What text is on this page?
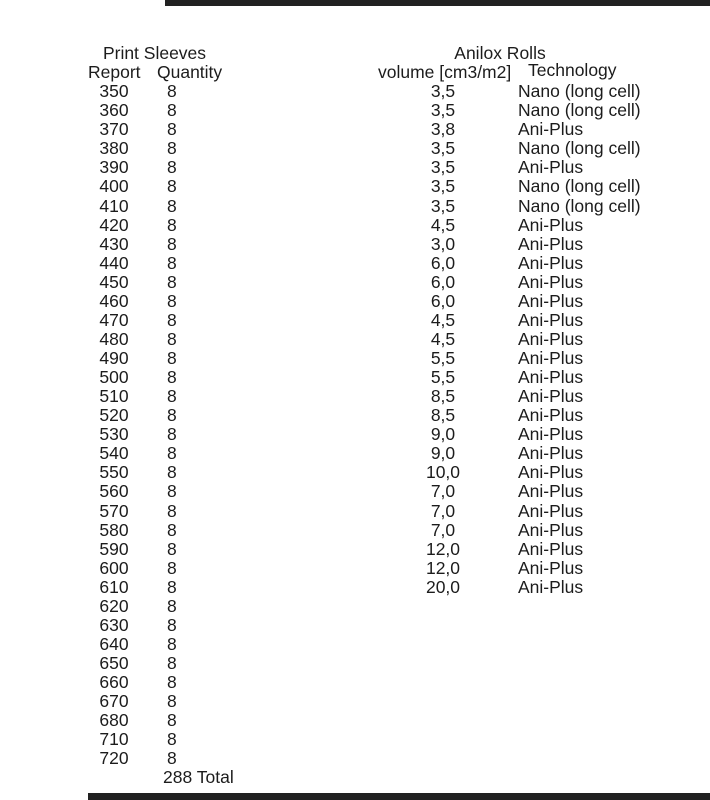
Print Sleeves
Report Quantity
350	8
360	8
370	8
380	8
390	8
400	8
410	8
420	8
430	8
440	8
450	8
460	8
470	8
480	8
490	8
500	8
510	8
520	8
530	8
540	8
550	8
560	8
570	8
580	8
590	8
600	8
610	8
620	8
630	8
640	8
650	8
660	8
670	8
680	8
710	8
720	8
288 Total
Anilox Rolls
volume [cm3/m2] Technology
3,5	Nano (long cell)
3,5	Nano (long cell)
3,8	Ani-Plus
3,5	Nano (long cell)
3,5	Ani-Plus
3,5	Nano (long cell)
3,5	Nano (long cell)
4,5	Ani-Plus
3,0	Ani-Plus
6,0	Ani-Plus
6,0	Ani-Plus
6,0	Ani-Plus
4,5	Ani-Plus
4,5	Ani-Plus
5,5	Ani-Plus
5,5	Ani-Plus
8,5	Ani-Plus
8,5	Ani-Plus
9,0	Ani-Plus
9,0	Ani-Plus
10,0	Ani-Plus
7,0	Ani-Plus
7,0	Ani-Plus
7,0	Ani-Plus
12,0	Ani-Plus
12,0	Ani-Plus
20,0	Ani-Plus
